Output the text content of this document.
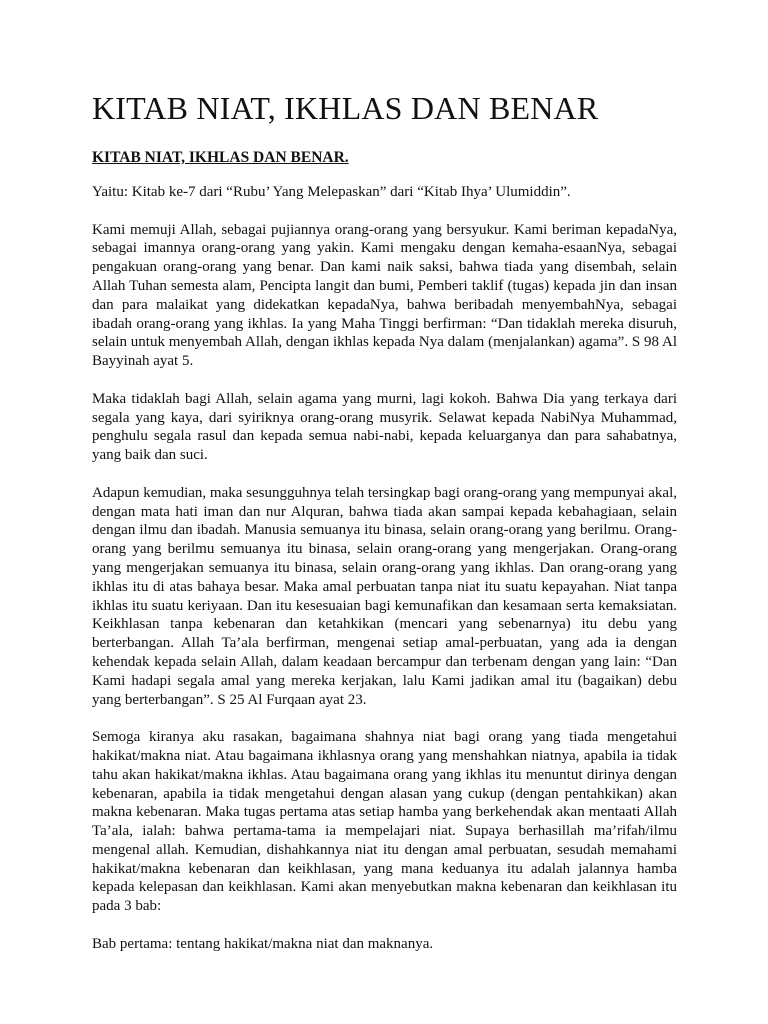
KITAB NIAT, IKHLAS DAN BENAR
KITAB NIAT, IKHLAS DAN BENAR.

Yaitu: Kitab ke-7 dari “Rubu’ Yang Melepaskan” dari “Kitab Ihya’ Ulumiddin”.

Kami memuji Allah, sebagai pujiannya orang-orang yang bersyukur. Kami beriman kepadaNya, sebagai imannya orang-orang yang yakin. Kami mengaku dengan kemaha-esaanNya, sebagai pengakuan orang-orang yang benar. Dan kami naik saksi, bahwa tiada yang disembah, selain Allah Tuhan semesta alam, Pencipta langit dan bumi, Pemberi taklif (tugas) kepada jin dan insan dan para malaikat yang didekatkan kepadaNya, bahwa beribadah menyembahNya, sebagai ibadah orang-orang yang ikhlas. Ia yang Maha Tinggi berfirman: “Dan tidaklah mereka disuruh, selain untuk menyembah Allah, dengan ikhlas kepada Nya dalam (menjalankan) agama”. S 98 Al Bayyinah ayat 5.

Maka tidaklah bagi Allah, selain agama yang murni, lagi kokoh. Bahwa Dia yang terkaya dari segala yang kaya, dari syiriknya orang-orang musyrik. Selawat kepada NabiNya Muhammad, penghulu segala rasul dan kepada semua nabi-nabi, kepada keluarganya dan para sahabatnya, yang baik dan suci.

Adapun kemudian, maka sesungguhnya telah tersingkap bagi orang-orang yang mempunyai akal, dengan mata hati iman dan nur Alquran, bahwa tiada akan sampai kepada kebahagiaan, selain dengan ilmu dan ibadah. Manusia semuanya itu binasa, selain orang-orang yang berilmu. Orang-orang yang berilmu semuanya itu binasa, selain orang-orang yang mengerjakan. Orang-orang yang mengerjakan semuanya itu binasa, selain orang-orang yang ikhlas. Dan orang-orang yang ikhlas itu di atas bahaya besar. Maka amal perbuatan tanpa niat itu suatu kepayahan. Niat tanpa ikhlas itu suatu keriyaan. Dan itu kesesuaian bagi kemunafikan dan kesamaan serta kemaksiatan. Keikhlasan tanpa kebenaran dan ketahkikan (mencari yang sebenarnya) itu debu yang berterbangan. Allah Ta’ala berfirman, mengenai setiap amal-perbuatan, yang ada ia dengan kehendak kepada selain Allah, dalam keadaan bercampur dan terbenam dengan yang lain: “Dan Kami hadapi segala amal yang mereka kerjakan, lalu Kami jadikan amal itu (bagaikan) debu yang berterbangan”. S 25 Al Furqaan ayat 23.

Semoga kiranya aku rasakan, bagaimana shahnya niat bagi orang yang tiada mengetahui hakikat/makna niat. Atau bagaimana ikhlasnya orang yang menshahkan niatnya, apabila ia tidak tahu akan hakikat/makna ikhlas. Atau bagaimana orang yang ikhlas itu menuntut dirinya dengan kebenaran, apabila ia tidak mengetahui dengan alasan yang cukup (dengan pentahkikan) akan makna kebenaran. Maka tugas pertama atas setiap hamba yang berkehendak akan mentaati Allah Ta’ala, ialah: bahwa pertama-tama ia mempelajari niat. Supaya berhasillah ma’rifah/ilmu mengenal allah. Kemudian, dishahkannya niat itu dengan amal perbuatan, sesudah memahami hakikat/makna kebenaran dan keikhlasan, yang mana keduanya itu adalah jalannya hamba kepada kelepasan dan keikhlasan. Kami akan menyebutkan makna kebenaran dan keikhlasan itu pada 3 bab:

Bab pertama: tentang hakikat/makna niat dan maknanya.
